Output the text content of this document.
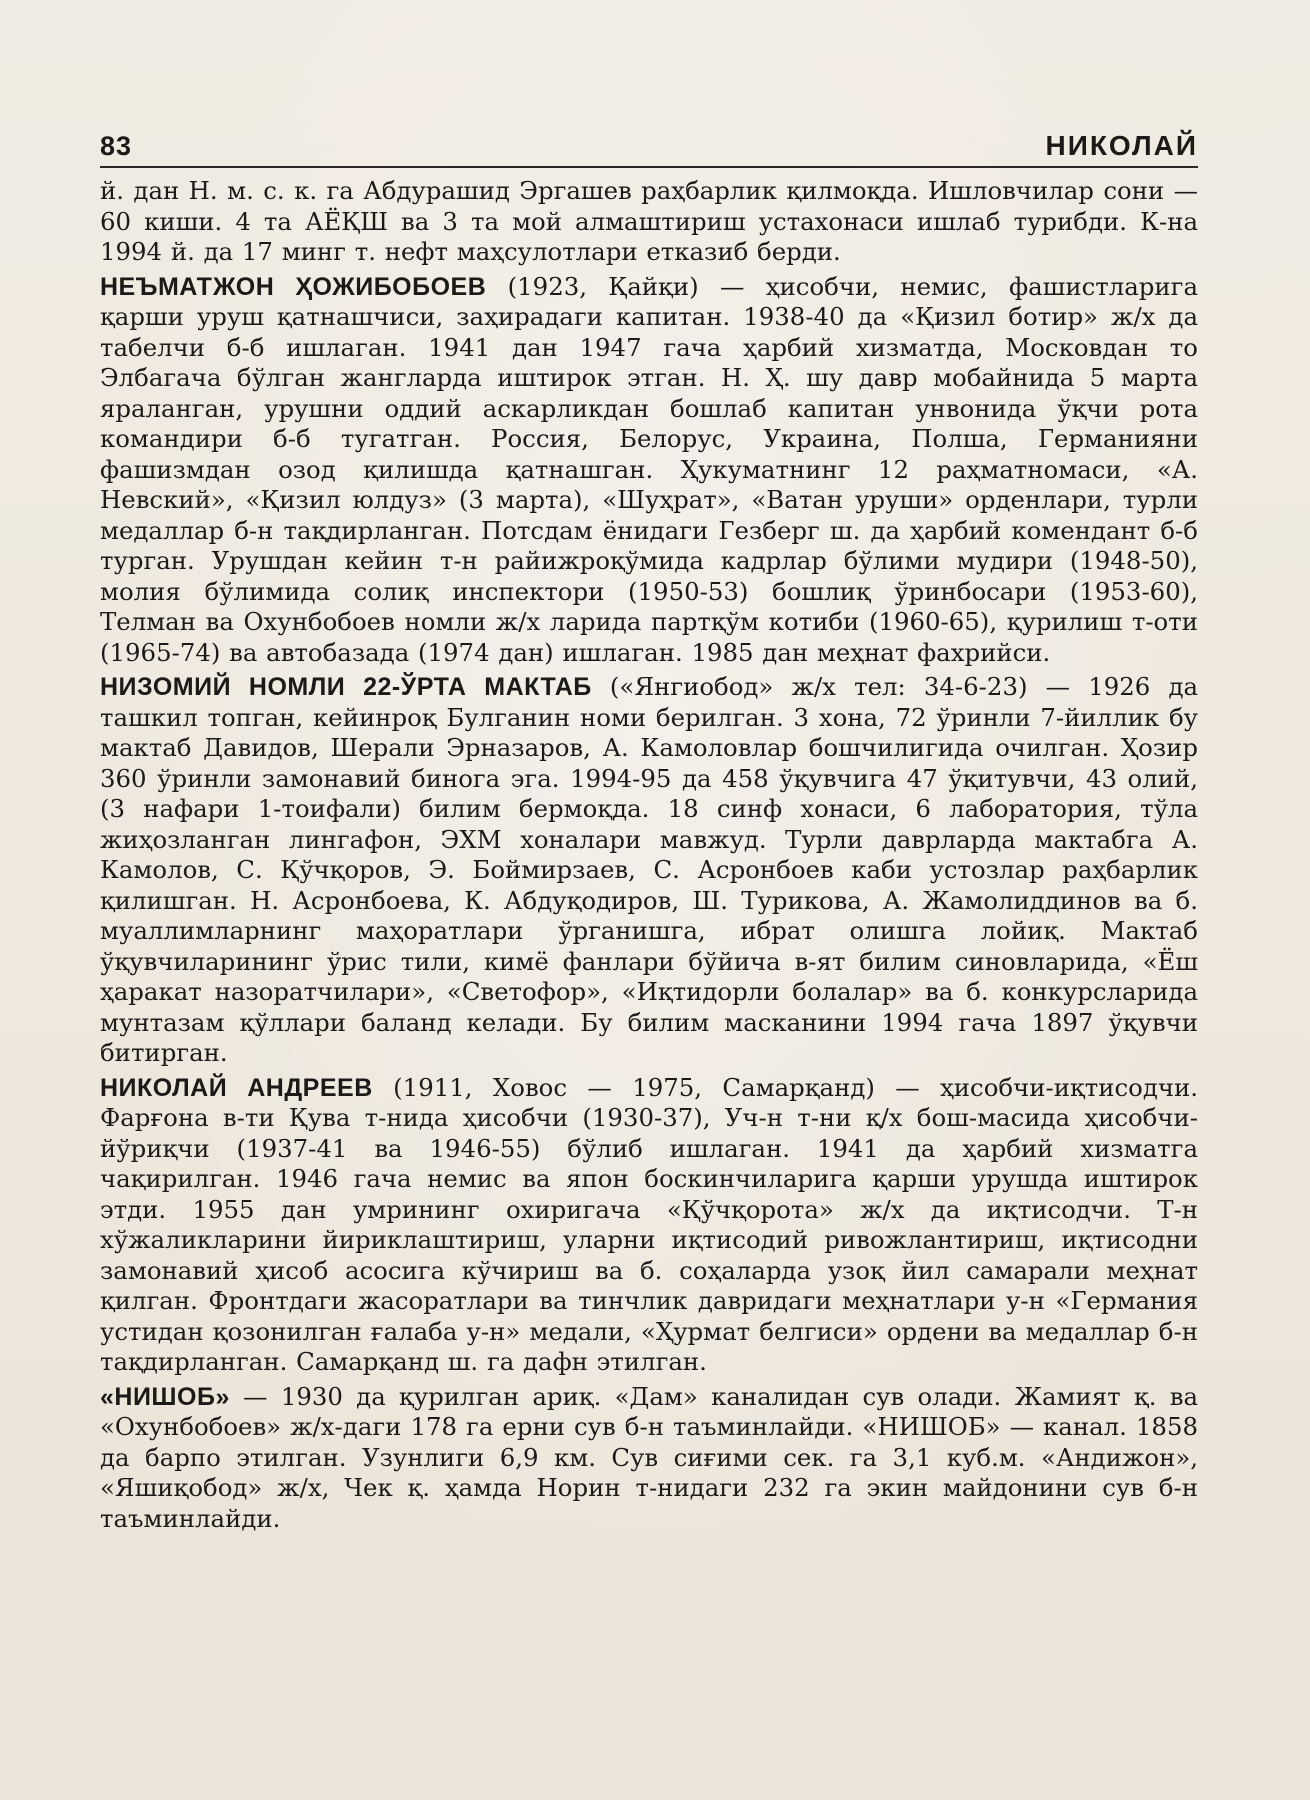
83	НИКОЛАЙ

й. дан Н. м. с. к. га Абдурашид Эргашев раҳбарлик қилмоқда. Ишловчилар сони — 60 киши. 4 та АЁҚШ ва 3 та мой алмаштириш устахонаси ишлаб турибди. К-на 1994 й. да 17 минг т. нефт маҳсулотлари етказиб берди.

НЕЪМАТЖОН ҲОЖИБОБОЕВ (1923, Қайқи) — ҳисобчи, немис, фашистларига қарши уруш қатнашчиси, заҳирадаги капитан. 1938-40 да «Қизил ботир» ж/х да табелчи б-б ишлаган. 1941 дан 1947 гача ҳарбий хизматда, Московдан то Элбагача бўлган жангларда иштирок этган. Н. Ҳ. шу давр мобайнида 5 марта яраланган, урушни оддий аскарликдан бошлаб капитан унвонида ўқчи рота командири б-б тугатган. Россия, Белорус, Украина, Полша, Германияни фашизмдан озод қилишда қатнашган. Ҳукуматнинг 12 раҳматномаси, «А. Невский», «Қизил юлдуз» (3 марта), «Шуҳрат», «Ватан уруши» орденлари, турли медаллар б-н тақдирланган. Потсдам ёнидаги Гезберг ш. да ҳарбий комендант б-б турган. Урушдан кейин т-н райижроқўмида кадрлар бўлими мудири (1948-50), молия бўлимида солиқ инспектори (1950-53) бошлиқ ўринбосари (1953-60), Телман ва Охунбобоев номли ж/х ларида партқўм котиби (1960-65), қурилиш т-оти (1965-74) ва автобазада (1974 дан) ишлаган. 1985 дан меҳнат фахрийси.

НИЗОМИЙ НОМЛИ 22-ЎРТА МАКТАБ («Янгиобод» ж/х тел: 34-6-23) — 1926 да ташкил топган, кейинроқ Булганин номи берилган. 3 хона, 72 ўринли 7-йиллик бу мактаб Давидов, Шерали Эрназаров, А. Камоловлар бошчилигида очилган. Ҳозир 360 ўринли замонавий бинога эга. 1994-95 да 458 ўқувчига 47 ўқитувчи, 43 олий, (3 нафари 1-тоифали) билим бермоқда. 18 синф хонаси, 6 лаборатория, тўла жиҳозланган лингафон, ЭХМ хоналари мавжуд. Турли даврларда мактабга А. Камолов, С. Қўчқоров, Э. Боймирзаев, С. Асронбоев каби устозлар раҳбарлик қилишган. Н. Асронбоева, К. Абдуқодиров, Ш. Турикова, А. Жамолиддинов ва б. муаллимларнинг маҳоратлари ўрганишга, ибрат олишга лойиқ. Мактаб ўқувчиларининг ўрис тили, кимё фанлари бўйича в-ят билим синовларида, «Ёш ҳаракат назоратчилари», «Светофор», «Иқтидорли болалар» ва б. конкурсларида мунтазам қўллари баланд келади. Бу билим масканини 1994 гача 1897 ўқувчи битирган.

НИКОЛАЙ АНДРЕЕВ (1911, Ховос — 1975, Самарқанд) — ҳисобчи-иқтисодчи. Фарғона в-ти Қува т-нида ҳисобчи (1930-37), Уч-н т-ни қ/х бош-масида ҳисобчи-йўриқчи (1937-41 ва 1946-55) бўлиб ишлаган. 1941 да ҳарбий хизматга чақирилган. 1946 гача немис ва япон боскинчиларига қарши урушда иштирок этди. 1955 дан умрининг охиригача «Қўчқорота» ж/х да иқтисодчи. Т-н хўжаликларини йириклаштириш, уларни иқтисодий ривожлантириш, иқтисодни замонавий ҳисоб асосига кўчириш ва б. соҳаларда узоқ йил самарали меҳнат қилган. Фронтдаги жасоратлари ва тинчлик давридаги меҳнатлари у-н «Германия устидан қозонилган ғалаба у-н» медали, «Ҳурмат белгиси» ордени ва медаллар б-н тақдирланган. Самарқанд ш. га дафн этилган.

«НИШОБ» — 1930 да қурилган ариқ. «Дам» каналидан сув олади. Жамият қ. ва «Охунбобоев» ж/х-даги 178 га ерни сув б-н таъминлайди. «НИШОБ» — канал. 1858 да барпо этилган. Узунлиги 6,9 км. Сув сиғими сек. га 3,1 куб.м. «Андижон», «Яшиқобод» ж/х, Чек қ. ҳамда Норин т-нидаги 232 га экин майдонини сув б-н таъминлайди.
